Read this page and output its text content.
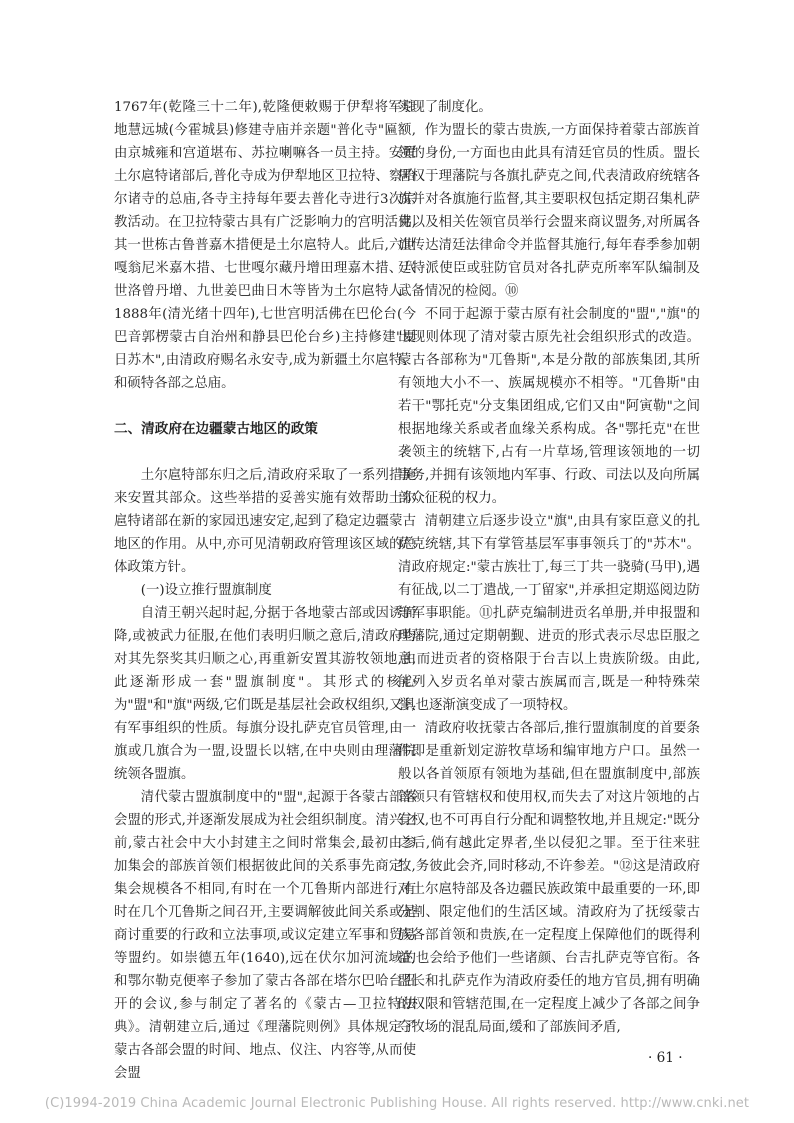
1767年(乾隆三十二年),乾隆便敕赐于伊犁将军驻地慧远城(今霍城县)修建寺庙并亲题"普化寺"匾额,由京城雍和宫道堪布、苏拉喇嘛各一员主持。安置土尔扈特诸部后,普化寺成为伊犁地区卫拉特、察哈尔诸寺的总庙,各寺主持每年要去普化寺进行3次宗教活动。在卫拉特蒙古具有广泛影响力的宫明活佛,其一世栋古鲁普嘉木措便是土尔扈特人。此后,六世嘎翁尼米嘉木措、七世嘎尔藏丹增田理嘉木措、八世洛曾丹增、九世姜巴曲日木等皆为土尔扈特人。1888年(清光绪十四年),七世宫明活佛在巴伦台(今巴音郭楞蒙古自治州和静县巴伦台乡)主持修建"夏日苏木",由清政府赐名永安寺,成为新疆土尔扈特、和硕特各部之总庙。

二、清政府在边疆蒙古地区的政策

土尔扈特部东归之后,清政府采取了一系列措施来安置其部众。这些举措的妥善实施有效帮助土尔扈特诸部在新的家园迅速安定,起到了稳定边疆蒙古地区的作用。从中,亦可见清朝政府管理该区域的总体政策方针。

(一)设立推行盟旗制度

自清王朝兴起时起,分据于各地蒙古部或因诱而降,或被武力征服,在他们表明归顺之意后,清政府均对其先祭奖其归顺之心,再重新安置其游牧领地,由此逐渐形成一套"盟旗制度"。其形式的核心为"盟"和"旗"两级,它们既是基层社会政权组织,又具有军事组织的性质。每旗分设扎萨克官员管理,由一旗或几旗合为一盟,设盟长以辖,在中央则由理藩院统领各盟旗。

清代蒙古盟旗制度中的"盟",起源于各蒙古部落会盟的形式,并逐渐发展成为社会组织制度。清兴之前,蒙古社会中大小封建主之间时常集会,最初由参加集会的部族首领们根据彼此间的关系事先商定。集会规模各不相同,有时在一个兀鲁斯内部进行,有时在几个兀鲁斯之间召开,主要调解彼此间关系或是商讨重要的行政和立法事项,或议定建立军事和贸易等盟约。如崇德五年(1640),远在伏尔加河流域的和鄂尔勒克便率子参加了蒙古各部在塔尔巴哈台召开的会议,参与制定了著名的《蒙古—卫拉特法典》。清朝建立后,通过《理藩院则例》具体规定了蒙古各部会盟的时间、地点、仪注、内容等,从而使会盟

实现了制度化。

作为盟长的蒙古贵族,一方面保持着蒙古部族首领的身份,一方面也由此具有清廷官员的性质。盟长居权于理藩院与各旗扎萨克之间,代表清政府统辖各旗并对各旗施行监督,其主要职权包括定期召集札萨克以及相关佐领官员举行会盟来商议盟务,对所属各旗传达清廷法律命令并监督其施行,每年春季参加朝廷特派使臣或驻防官员对各扎萨克所率军队编制及武备情况的检阅。⑩

不同于起源于蒙古原有社会制度的"盟","旗"的出现则体现了清对蒙古原先社会组织形式的改造。蒙古各部称为"兀鲁斯",本是分散的部族集团,其所有领地大小不一、族属规模亦不相等。"兀鲁斯"由若干"鄂托克"分支集团组成,它们又由"阿寅勒"之间根据地缘关系或者血缘关系构成。各"鄂托克"在世袭领主的统辖下,占有一片草场,管理该领地的一切事务,并拥有该领地内军事、行政、司法以及向所属部众征税的权力。

清朝建立后逐步设立"旗",由具有家臣意义的扎萨克统辖,其下有掌管基层军事事领兵丁的"苏木"。清政府规定:"蒙古族壮丁,每三丁共一骁骑(马甲),遇有征战,以二丁遣战,一丁留家",并承担定期巡阅边防等军事职能。⑪扎萨克编制进贡名单册,并申报盟和理藩院,通过定期朝觐、进贡的形式表示尽忠臣服之意,而进贡者的资格限于台吉以上贵族阶级。由此,能列入岁贡名单对蒙古族属而言,既是一种特殊荣誉,也逐渐演变成了一项特权。

清政府收抚蒙古各部后,推行盟旗制度的首要条件即是重新划定游牧草场和编审地方户口。虽然一般以各首领原有领地为基础,但在盟旗制度中,部族首领只有管辖权和使用权,而失去了对这片领地的占有权,也不可再自行分配和调整牧地,并且规定:"既分之后,倘有越此定界者,坐以侵犯之罪。至于往来驻牧,务彼此会齐,同时移动,不许参差。"⑫这是清政府对土尔扈特部及各边疆民族政策中最重要的一环,即分割、限定他们的生活区域。清政府为了抚绥蒙古族各部首领和贵族,在一定程度上保障他们的既得利益,也会给予他们一些诸颜、台吉扎萨克等官衔。各盟长和扎萨克作为清政府委任的地方官员,拥有明确的权限和管辖范围,在一定程度上减少了各部之间争夺牧场的混乱局面,缓和了部族间矛盾,

· 61 ·
(C)1994-2019 China Academic Journal Electronic Publishing House. All rights reserved. http://www.cnki.net
